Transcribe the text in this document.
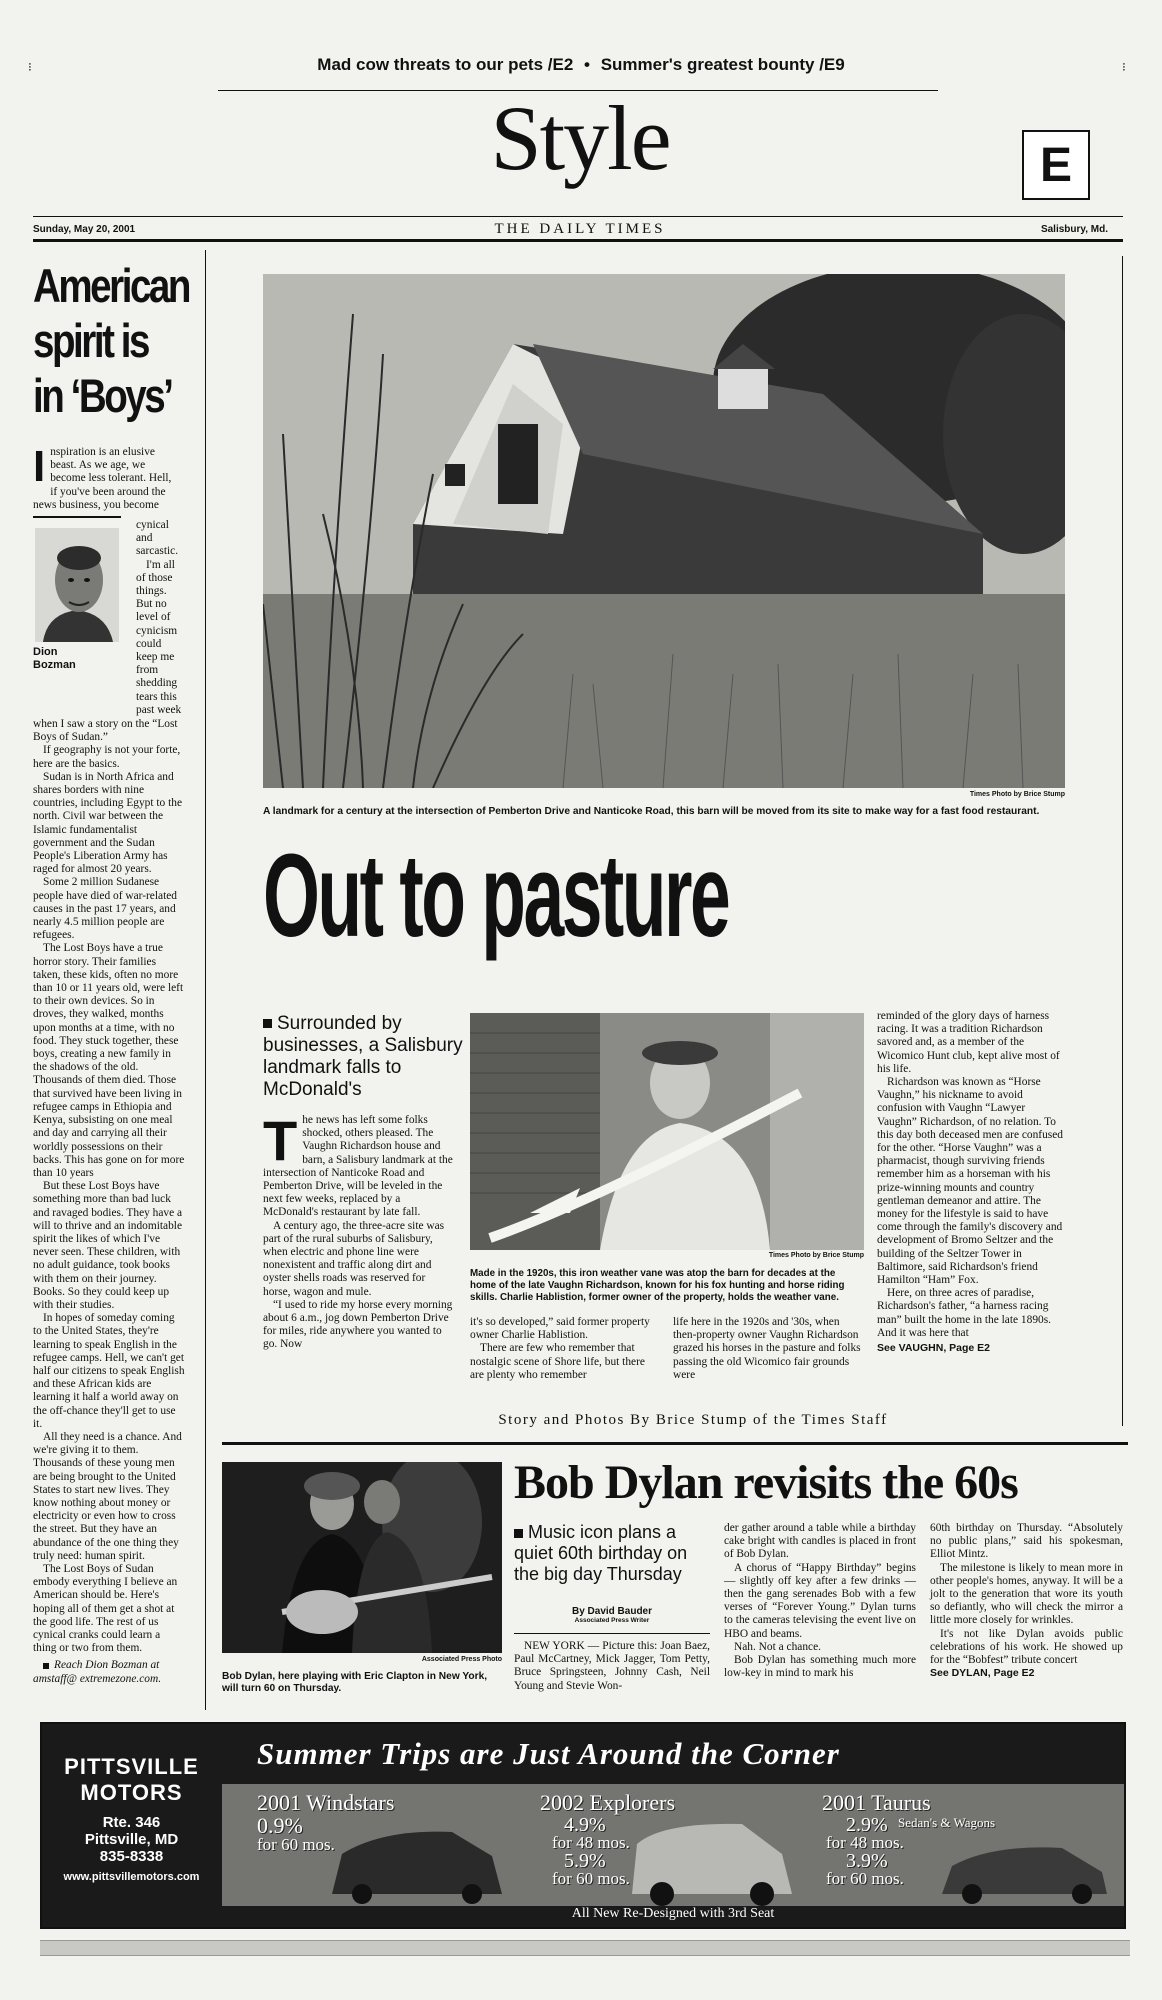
Mad cow threats to our pets /E2 • Summer's greatest bounty /E9
⁝	⁝
Style	E
Sunday, May 20, 2001	THE DAILY TIMES	Salisbury, Md.
American
spirit is
in ‘Boys’
Inspiration is an elusive beast. As we age, we become less tolerant. Hell, if you've been around the news business, you become
Dion
Bozman
cynical
and
sarcastic.
I'm all
of those
things.
But no
level of
cynicism
could
keep me
from
shedding
tears this
past week

when I saw a story on the “Lost Boys of Sudan.”

If geography is not your forte, here are the basics.

Sudan is in North Africa and shares borders with nine countries, including Egypt to the north. Civil war between the Islamic fundamentalist government and the Sudan People's Liberation Army has raged for almost 20 years.

Some 2 million Sudanese people have died of war-related causes in the past 17 years, and nearly 4.5 million people are refugees.

The Lost Boys have a true horror story. Their families taken, these kids, often no more than 10 or 11 years old, were left to their own devices. So in droves, they walked, months upon months at a time, with no food. They stuck together, these boys, creating a new family in the shadows of the old. Thousands of them died. Those that survived have been living in refugee camps in Ethiopia and Kenya, subsisting on one meal and day and carrying all their worldly possessions on their backs. This has gone on for more than 10 years

But these Lost Boys have something more than bad luck and ravaged bodies. They have a will to thrive and an indomitable spirit the likes of which I've never seen. These children, with no adult guidance, took books with them on their journey. Books. So they could keep up with their studies.

In hopes of someday coming to the United States, they're learning to speak English in the refugee camps. Hell, we can't get half our citizens to speak English and these African kids are learning it half a world away on the off-chance they'll get to use it.

All they need is a chance. And we're giving it to them. Thousands of these young men are being brought to the United States to start new lives. They know nothing about money or electricity or even how to cross the street. But they have an abundance of the one thing they truly need: human spirit.

The Lost Boys of Sudan embody everything I believe an American should be. Here's hoping all of them get a shot at the good life. The rest of us cynical cranks could learn a thing or two from them.

Reach Dion Bozman at amstaff@ extremezone.com.

Times Photo by Brice Stump
A landmark for a century at the intersection of Pemberton Drive and Nanticoke Road, this barn will be moved from its site to make way for a fast food restaurant.
Out to pasture
Surrounded by businesses, a Salisbury landmark falls to McDonald's
T he news has left some folks shocked, others pleased. The Vaughn Richardson house and barn, a Salisbury landmark at the intersection of Nanticoke Road and Pemberton Drive, will be leveled in the next few weeks, replaced by a McDonald's restaurant by late fall.

A century ago, the three-acre site was part of the rural suburbs of Salisbury, when electric and phone line were nonexistent and traffic along dirt and oyster shells roads was reserved for horse, wagon and mule.

“I used to ride my horse every morning about 6 a.m., jog down Pemberton Drive for miles, ride anywhere you wanted to go. Now

Times Photo by Brice Stump
Made in the 1920s, this iron weather vane was atop the barn for decades at the home of the late Vaughn Richardson, known for his fox hunting and horse riding skills. Charlie Hablistion, former owner of the property, holds the weather vane.

it's so developed,” said former property owner Charlie Hablistion.

There are few who remember that nostalgic scene of Shore life, but there are plenty who remember

life here in the 1920s and '30s, when then-property owner Vaughn Richardson grazed his horses in the pasture and folks passing the old Wicomico fair grounds were

reminded of the glory days of harness racing. It was a tradition Richardson savored and, as a member of the Wicomico Hunt club, kept alive most of his life.

Richardson was known as “Horse Vaughn,” his nickname to avoid confusion with Vaughn “Lawyer Vaughn” Richardson, of no relation. To this day both deceased men are confused for the other. “Horse Vaughn” was a pharmacist, though surviving friends remember him as a horseman with his prize-winning mounts and country gentleman demeanor and attire. The money for the lifestyle is said to have come through the family's discovery and development of Bromo Seltzer and the building of the Seltzer Tower in Baltimore, said Richardson's friend Hamilton “Ham” Fox.

Here, on three acres of paradise, Richardson's father, “a harness racing man” built the home in the late 1890s. And it was here that

See VAUGHN, Page E2

Story and Photos By Brice Stump of the Times Staff
Associated Press Photo
Bob Dylan, here playing with Eric Clapton in New York, will turn 60 on Thursday.
Bob Dylan revisits the 60s
Music icon plans a quiet 60th birthday on the big day Thursday
By David Bauder
Associated Press Writer

NEW YORK — Picture this: Joan Baez, Paul McCartney, Mick Jagger, Tom Petty, Bruce Springsteen, Johnny Cash, Neil Young and Stevie Won-

der gather around a table while a birthday cake bright with candles is placed in front of Bob Dylan.

A chorus of “Happy Birthday” begins — slightly off key after a few drinks — then the gang serenades Bob with a few verses of “Forever Young.” Dylan turns to the cameras televising the event live on HBO and beams.

Nah. Not a chance.

Bob Dylan has something much more low-key in mind to mark his

60th birthday on Thursday. “Absolutely no public plans,” said his spokesman, Elliot Mintz.

The milestone is likely to mean more in other people's homes, anyway. It will be a jolt to the generation that wore its youth so defiantly, who will check the mirror a little more closely for wrinkles.

It's not like Dylan avoids public celebrations of his work. He showed up for the “Bobfest” tribute concert

See DYLAN, Page E2

PITTSVILLE
MOTORS
Rte. 346
Pittsville, MD
835-8338
www.pittsvillemotors.com
Summer Trips are Just Around the Corner
2001 Windstars
0.9%
for 60 mos.
2002 Explorers
4.9%
for 48 mos.
5.9%
for 60 mos.
2001 Taurus
Sedan's & Wagons
2.9%
for 48 mos.
3.9%
for 60 mos.
All New Re-Designed with 3rd Seat
